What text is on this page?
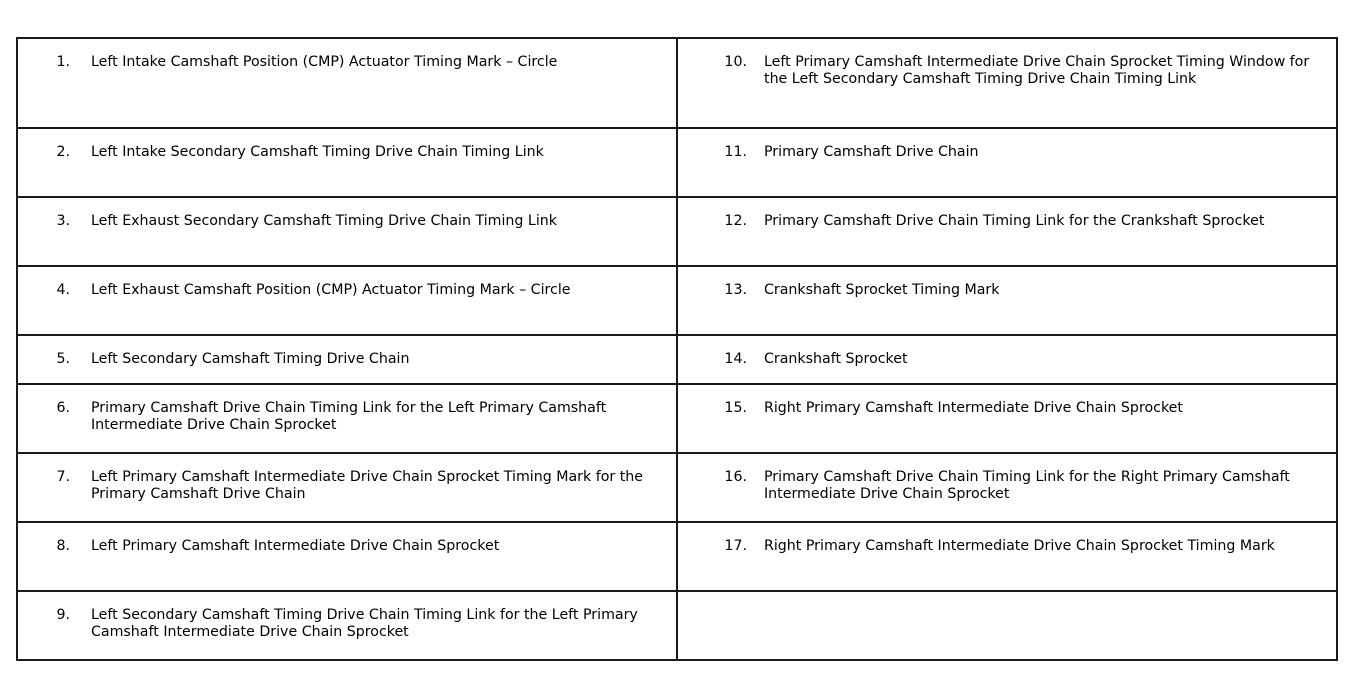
1. Left Intake Camshaft Position (CMP) Actuator Timing Mark – Circle	10. Left Primary Camshaft Intermediate Drive Chain Sprocket Timing Window for the Left Secondary Camshaft Timing Drive Chain Timing Link

2. Left Intake Secondary Camshaft Timing Drive Chain Timing Link	11. Primary Camshaft Drive Chain

3. Left Exhaust Secondary Camshaft Timing Drive Chain Timing Link	12. Primary Camshaft Drive Chain Timing Link for the Crankshaft Sprocket

4. Left Exhaust Camshaft Position (CMP) Actuator Timing Mark – Circle	13. Crankshaft Sprocket Timing Mark

5. Left Secondary Camshaft Timing Drive Chain	14. Crankshaft Sprocket

6. Primary Camshaft Drive Chain Timing Link for the Left Primary Camshaft Intermediate Drive Chain Sprocket	15. Right Primary Camshaft Intermediate Drive Chain Sprocket

7. Left Primary Camshaft Intermediate Drive Chain Sprocket Timing Mark for the Primary Camshaft Drive Chain	16. Primary Camshaft Drive Chain Timing Link for the Right Primary Camshaft Intermediate Drive Chain Sprocket

8. Left Primary Camshaft Intermediate Drive Chain Sprocket	17. Right Primary Camshaft Intermediate Drive Chain Sprocket Timing Mark

9. Left Secondary Camshaft Timing Drive Chain Timing Link for the Left Primary Camshaft Intermediate Drive Chain Sprocket	
